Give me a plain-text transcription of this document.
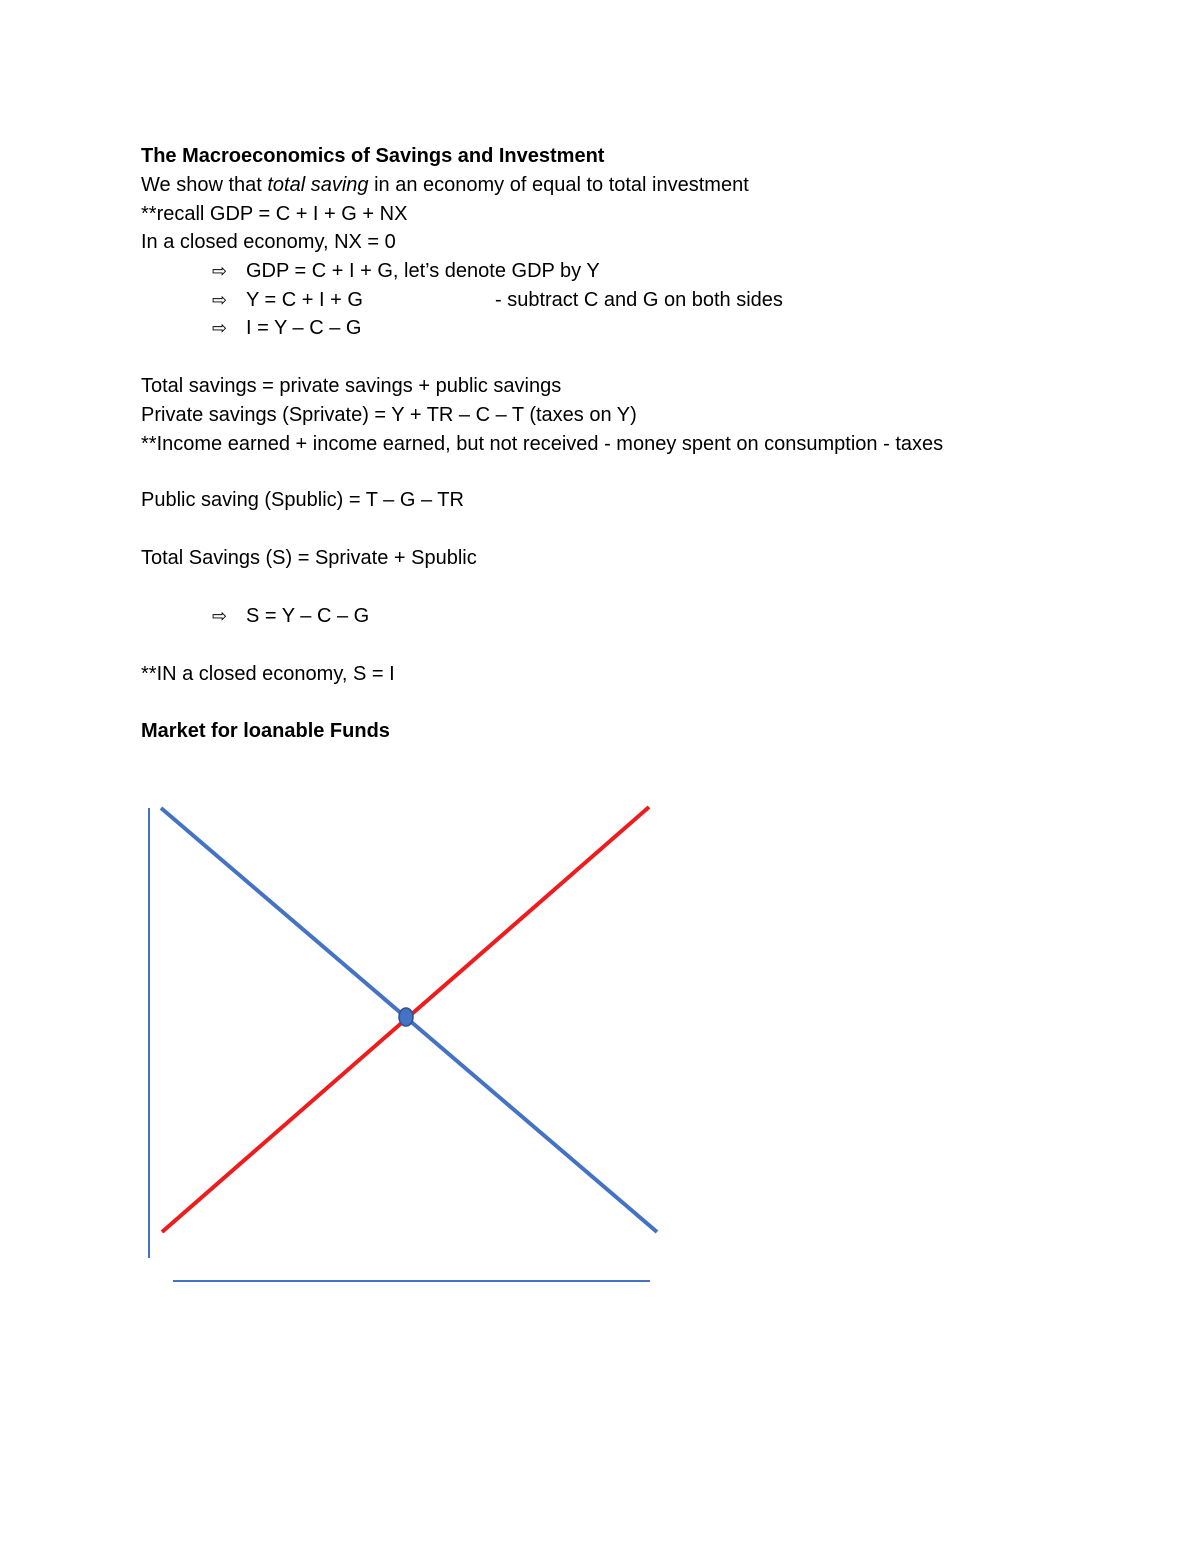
The Macroeconomics of Savings and Investment
We show that total saving in an economy of equal to total investment
**recall GDP = C + I + G + NX
In a closed economy, NX = 0
⇨ GDP = C + I + G, let’s denote GDP by Y
⇨ Y = C + I + G	- subtract C and G on both sides
⇨ I = Y – C – G
Total savings = private savings + public savings
Private savings (Sprivate) = Y + TR – C – T (taxes on Y)
**Income earned + income earned, but not received - money spent on consumption - taxes
Public saving (Spublic) = T – G – TR
Total Savings (S) = Sprivate + Spublic
⇨ S = Y – C – G
**IN a closed economy, S = I
Market for loanable Funds
